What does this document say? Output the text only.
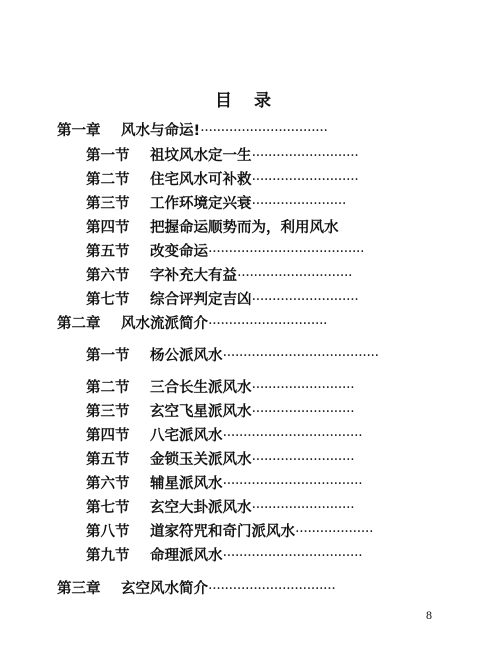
目 录
第一章 风水与命运!·······························
第一节 祖坟风水定一生··························
第二节 住宅风水可补救··························
第三节 工作环境定兴衰·······················
第四节 把握命运顺势而为，利用风水
第五节 改变命运······································
第六节 字补充大有益····························
第七节 综合评判定吉凶··························
第二章 风水流派简介·····························
第一节 杨公派风水······································
第二节 三合长生派风水·························
第三节 玄空飞星派风水·························
第四节 八宅派风水··································
第五节 金锁玉关派风水·························
第六节 辅星派风水··································
第七节 玄空大卦派风水·························
第八节 道家符咒和奇门派风水···················
第九节 命理派风水··································
第三章 玄空风水简介·······························
8
